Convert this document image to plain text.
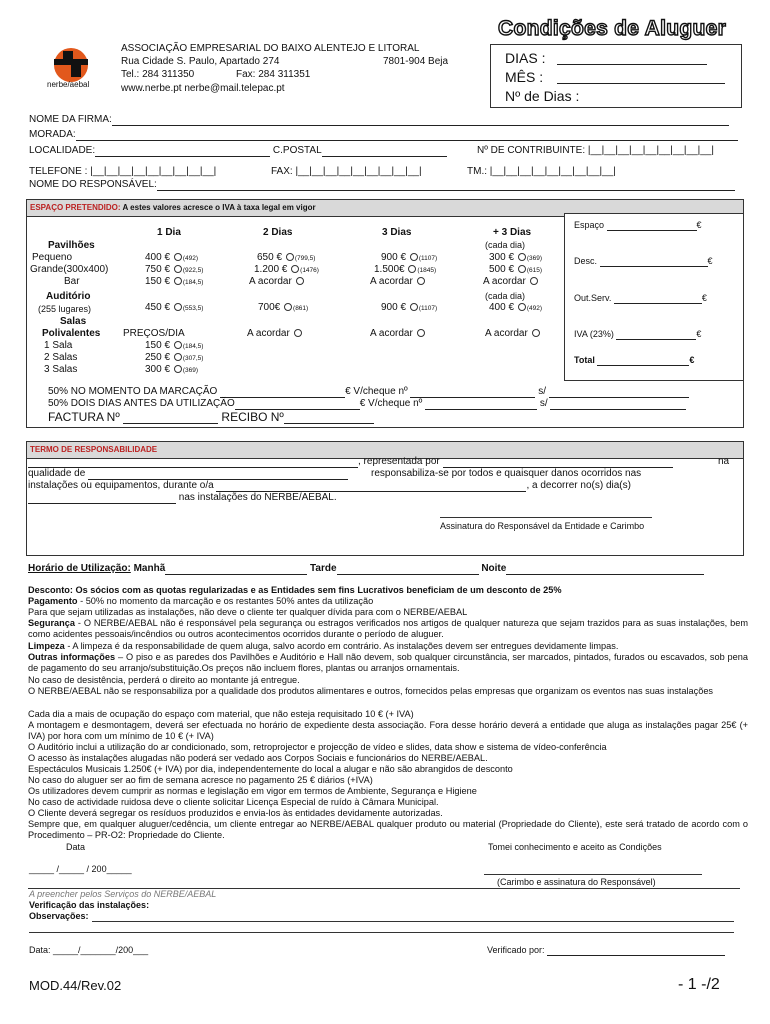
Condições de Aluguer
nerbe/aebal
ASSOCIAÇÃO EMPRESARIAL DO BAIXO ALENTEJO E LITORAL
Rua Cidade S. Paulo, Apartado 274	7801-904 Beja
Tel.: 284 311350	Fax: 284 311351
www.nerbe.pt nerbe@mail.telepac.pt
DIAS :
MÊS :
Nº de Dias :
NOME DA FIRMA:
MORADA:
LOCALIDADE:	C.POSTAL	Nº DE CONTRIBUINTE: |__|__|__|__|__|__|__|__|__|
TELEFONE : |__|__|__|__|__|__|__|__|__|	FAX: |__|__|__|__|__|__|__|__|__|	TM.: |__|__|__|__|__|__|__|__|__|
NOME DO RESPONSÁVEL:
ESPAÇO PRETENDIDO: A estes valores acresce o IVA à taxa legal em vigor
1 Dia	2 Dias	3 Dias	+ 3 Dias
(cada dia)
Pavilhões
Pequeno	400 € (492)	650 € (799,5)	900 € (1107)	300 € (369)
Grande(300x400)	750 € (922,5)	1.200 € (1476)	1.500€ (1845)	500 € (615)
Bar	150 € (184,5)	A acordar	A acordar	A acordar
Auditório	(cada dia)
(255 lugares)	450 € (553,5)	700€ (861)	900 € (1107)	400 € (492)
Salas
Polivalentes PREÇOS/DIA	A acordar	A acordar	A acordar
1 Sala	150 € (184,5)
2 Salas	250 € (307,5)
3 Salas	300 € (369)
Espaço	€
Desc.	€
Out.Serv.	€
IVA (23%)	€
Total	€
50% NO MOMENTO DA MARCAÇÃO	€ V/cheque nº	s/
50% DOIS DIAS ANTES DA UTILIZAÇÃO	€ V/cheque nº	s/
FACTURA Nº	RECIBO Nº
TERMO DE RESPONSABILIDADE
, representada por	na
qualidade de	responsabiliza-se por todos e quaisquer danos ocorridos nas
instalações ou equipamentos, durante o/a	, a decorrer no(s) dia(s)
nas instalações do NERBE/AEBAL.
Assinatura do Responsável da Entidade e Carimbo
Horário de Utilização: Manhã	Tarde	Noite
Desconto: Os sócios com as quotas regularizadas e as Entidades sem fins Lucrativos beneficiam de um desconto de 25%
Pagamento - 50% no momento da marcação e os restantes 50% antes da utilização
Para que sejam utilizadas as instalações, não deve o cliente ter qualquer dívida para com o NERBE/AEBAL
Segurança - O NERBE/AEBAL não é responsável pela segurança ou estragos verificados nos artigos de qualquer natureza que sejam trazidos para as suas instalações, bem como acidentes pessoais/incêndios ou outros acontecimentos ocorridos durante o período de aluguer.
Limpeza - A limpeza é da responsabilidade de quem aluga, salvo acordo em contrário. As instalações devem ser entregues devidamente limpas.
Outras informações – O piso e as paredes dos Pavilhões e Auditório e Hall não devem, sob qualquer circunstância, ser marcados, pintados, furados ou escavados, sob pena de pagamento do seu arranjo/substituição.Os preços não incluem flores, plantas ou arranjos ornamentais.
No caso de desistência, perderá o direito ao montante já entregue.
O NERBE/AEBAL não se responsabiliza por a qualidade dos produtos alimentares e outros, fornecidos pelas empresas que organizam os eventos nas suas instalações
Cada dia a mais de ocupação do espaço com material, que não esteja requisitado 10 € (+ IVA)
A montagem e desmontagem, deverá ser efectuada no horário de expediente desta associação. Fora desse horário deverá a entidade que aluga as instalações pagar 25€ (+ IVA) por hora com um mínimo de 10 € (+ IVA)
O Auditório inclui a utilização do ar condicionado, som, retroprojector e projecção de vídeo e slides, data show e sistema de vídeo-conferência
O acesso às instalações alugadas não poderá ser vedado aos Corpos Sociais e funcionários do NERBE/AEBAL.
Espectáculos Musicais 1.250€ (+ IVA) por dia, independentemente do local a alugar e não são abrangidos de desconto
No caso do aluguer ser ao fim de semana acresce no pagamento 25 € diários (+IVA)
Os utilizadores devem cumprir as normas e legislação em vigor em termos de Ambiente, Segurança e Higiene
No caso de actividade ruidosa deve o cliente solicitar Licença Especial de ruído à Câmara Municipal.
O Cliente deverá segregar os resíduos produzidos e envia-los às entidades devidamente autorizadas.
Sempre que, em qualquer aluguer/cedência, um cliente entregar ao NERBE/AEBAL qualquer produto ou material (Propriedade do Cliente), este será tratado de acordo com o Procedimento – PR-O2: Propriedade do Cliente.
Data	Tomei conhecimento e aceito as Condições
_____ /_____ / 200_____
(Carimbo e assinatura do Responsável)
A preencher pelos Serviços do NERBE/AEBAL
Verificação das instalações:
Observações:
Data: _____/_______/200___	Verificado por:
MOD.44/Rev.02	- 1 -/2
